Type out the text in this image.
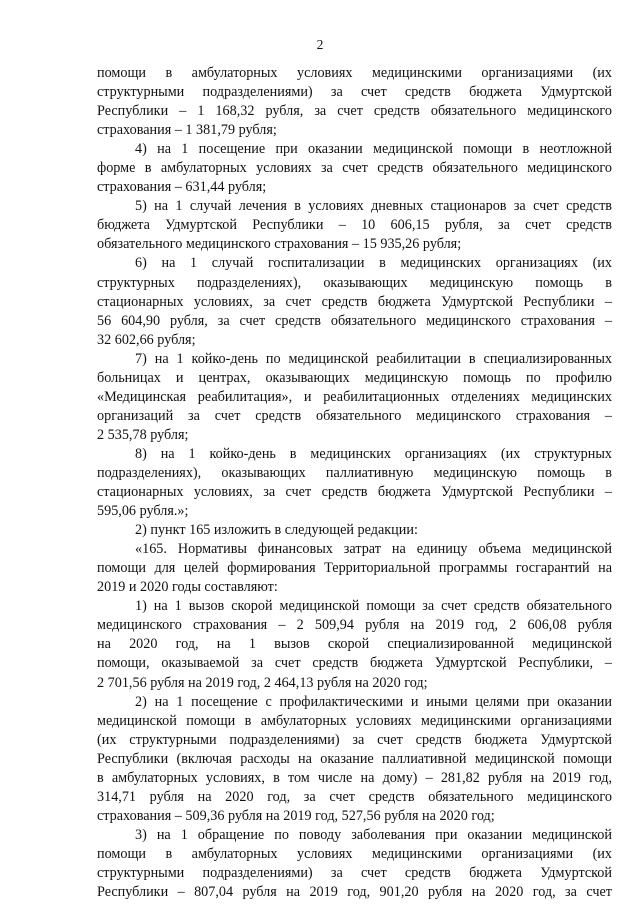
2
помощи в амбулаторных условиях медицинскими организациями (их
структурными подразделениями) за счет средств бюджета Удмуртской
Республики – 1 168,32 рубля, за счет средств обязательного медицинского
страхования – 1 381,79 рубля;
4) на 1 посещение при оказании медицинской помощи в неотложной
форме в амбулаторных условиях за счет средств обязательного медицинского
страхования – 631,44 рубля;
5) на 1 случай лечения в условиях дневных стационаров за счет средств
бюджета Удмуртской Республики – 10 606,15 рубля, за счет средств
обязательного медицинского страхования – 15 935,26 рубля;
6) на 1 случай госпитализации в медицинских организациях (их
структурных подразделениях), оказывающих медицинскую помощь в
стационарных условиях, за счет средств бюджета Удмуртской Республики –
56 604,90 рубля, за счет средств обязательного медицинского страхования –
32 602,66 рубля;
7) на 1 койко-день по медицинской реабилитации в специализированных
больницах и центрах, оказывающих медицинскую помощь по профилю
«Медицинская реабилитация», и реабилитационных отделениях медицинских
организаций за счет средств обязательного медицинского страхования –
2 535,78 рубля;
8) на 1 койко-день в медицинских организациях (их структурных
подразделениях), оказывающих паллиативную медицинскую помощь в
стационарных условиях, за счет средств бюджета Удмуртской Республики –
595,06 рубля.»;
2) пункт 165 изложить в следующей редакции:
«165. Нормативы финансовых затрат на единицу объема медицинской
помощи для целей формирования Территориальной программы госгарантий на
2019 и 2020 годы составляют:
1) на 1 вызов скорой медицинской помощи за счет средств обязательного
медицинского страхования – 2 509,94 рубля на 2019 год, 2 606,08 рубля
на 2020 год, на 1 вызов скорой специализированной медицинской
помощи, оказываемой за счет средств бюджета Удмуртской Республики, –
2 701,56 рубля на 2019 год, 2 464,13 рубля на 2020 год;
2) на 1 посещение с профилактическими и иными целями при оказании
медицинской помощи в амбулаторных условиях медицинскими организациями
(их структурными подразделениями) за счет средств бюджета Удмуртской
Республики (включая расходы на оказание паллиативной медицинской помощи
в амбулаторных условиях, в том числе на дому) – 281,82 рубля на 2019 год,
314,71 рубля на 2020 год, за счет средств обязательного медицинского
страхования – 509,36 рубля на 2019 год, 527,56 рубля на 2020 год;
3) на 1 обращение по поводу заболевания при оказании медицинской
помощи в амбулаторных условиях медицинскими организациями (их
структурными подразделениями) за счет средств бюджета Удмуртской
Республики – 807,04 рубля на 2019 год, 901,20 рубля на 2020 год, за счет
